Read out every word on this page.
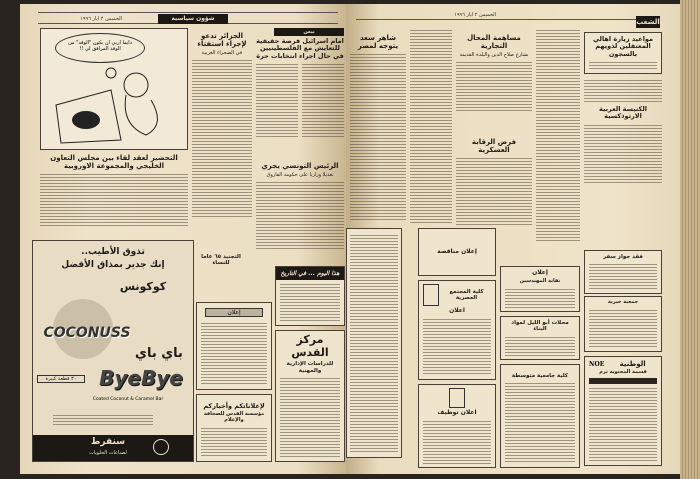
الخميس ٢ ايار ١٩٩٦	شؤون سياسية
دايما اربي ان يكون "الوفد" من الوفد المرافق لي !!
الجزائر تدعو لإجراء استفتاء
في الصحراء الغربية
بيغن
امام اسرائيل فرصة حقيقية للتعايش مع الفلسطينيين في حال اجراء انتخابات حرة
التحضير لعقد لقاء بين مجلس التعاون الخليجي والمجموعة الاوروبية	الرئيس التونسي يجري
تعديلا وزاريا على حكومة الفاروق
التجنيد ٦٥ عاما للنساء
تذوق الأطيب..
إنك جدير بمذاق الأفضل
كوكونس
COCONUSS
باي باي
ByeBye
٣٠ قطعة كبيرة
Coated Coconut & Caramel Bar
سنقرط
لصناعات الحلويات
إعلان
لإعلاناتكم وأخباركم
مؤسسة القدس للصحافة والإعلام
هذا اليوم ... في التاريخ
مركز القدس
للدراسات الإدارية والمهنية
الخميس ٢ ايار ١٩٩٦
الشعب
مواعيد زيارة اهالي المعتقلين لذويهم بالسجون
الكنيسة العربية الارثوذكسية
مساهمة المحال التجارية
بشارع صلاح الدين والبلدة القديمة
فرض الرقابة العسكرية
شاهر سعد يتوجه لمصر
إعلان مناقصة
كلية المجتمع العصرية
اعلان
اعلان توظيف
إعلان
نقابة المهندسين
محلات أبو الليل لمواد البناء
كلية جامعية متوسطة
فقد جواز سفر
جمعية خيرية
NOE	الوطنية
قسمة المحتوية ترم
